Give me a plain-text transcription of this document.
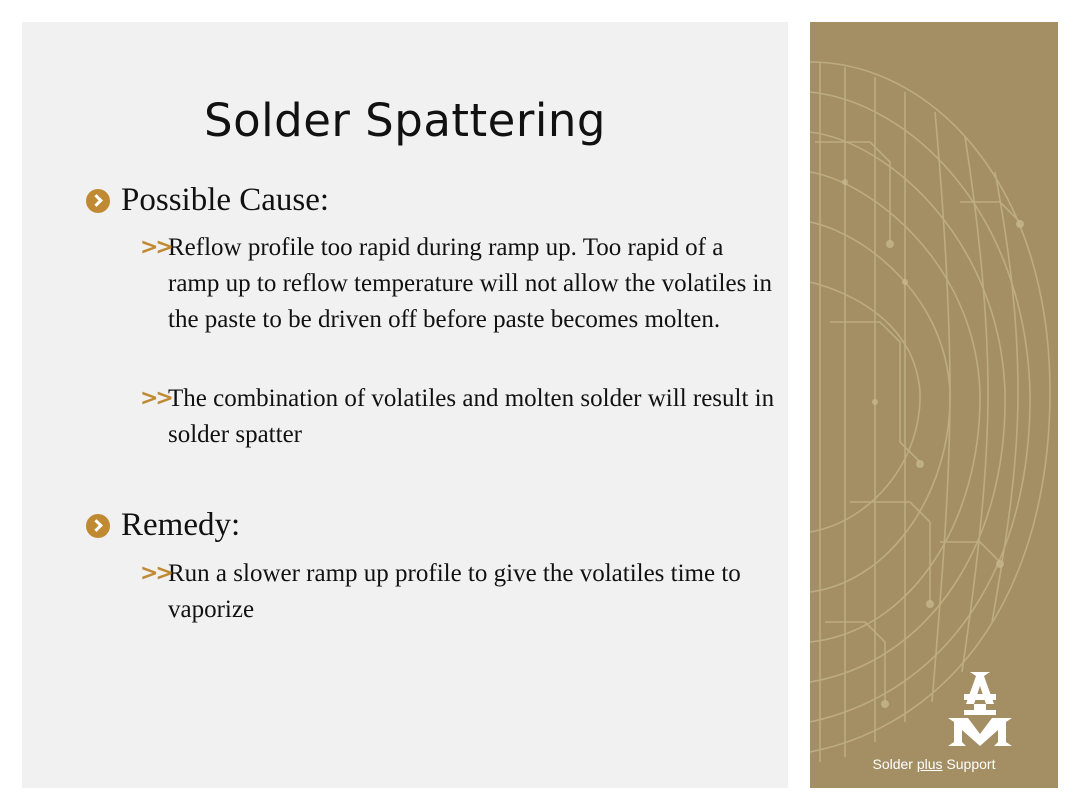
Solder Spattering
Possible Cause:
>>
Reflow profile too rapid during ramp up. Too rapid of a ramp up to reflow temperature will not allow the volatiles in the paste to be driven off before paste becomes molten.
>>
The combination of volatiles and molten solder will result in solder spatter
Remedy:
>>
Run a slower ramp up profile to give the volatiles time to vaporize
Solder plus Support
